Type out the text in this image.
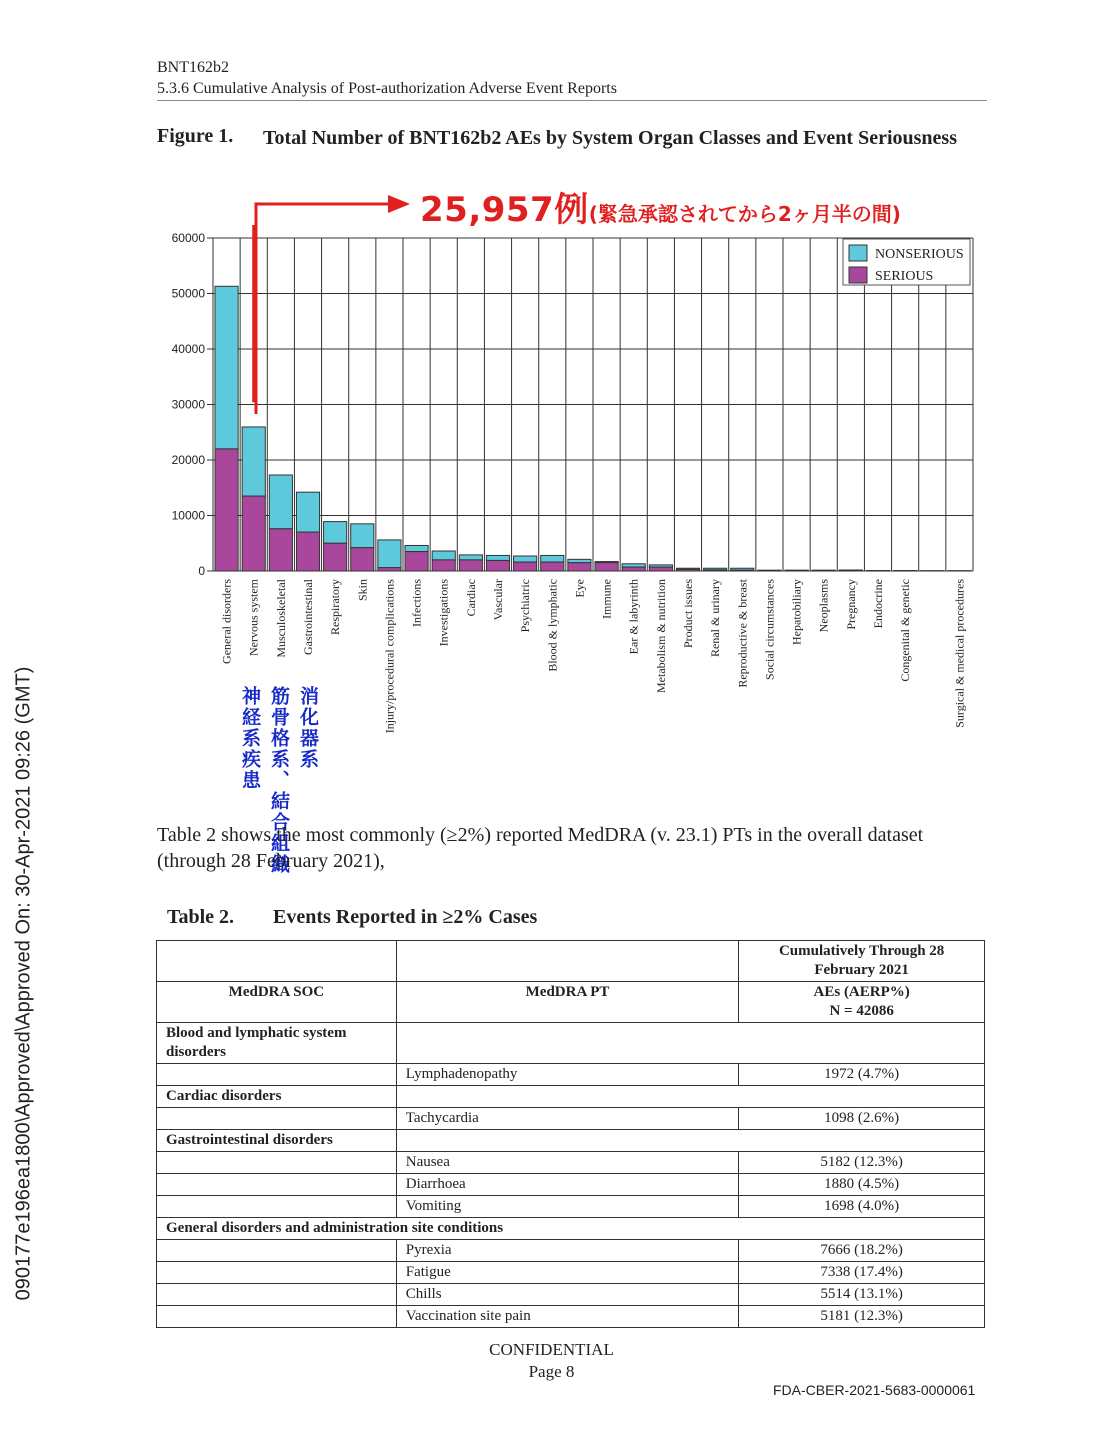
BNT162b2
5.3.6 Cumulative Analysis of Post-authorization Adverse Event Reports
Figure 1. Total Number of BNT162b2 AEs by System Organ Classes and Event Seriousness
25,957例(緊急承認されてから2ヶ月半の間)
60000
50000
40000
30000
20000
10000
0
General disorders Nervous system Musculoskeletal Gastrointestinal Respiratory Skin Injury/procedural complications Infections Investigations Cardiac Vascular Psychiatric Blood & lymphatic Eye Immune Ear & labyrinth Metabolism & nutrition Product issues Renal & urinary Reproductive & breast Social circumstances Hepatobiliary Neoplasms Pregnancy Endocrine Congenital & genetic	Surgical & medical procedures
NONSERIOUS
SERIOUS
神経系疾患 筋骨格系、結合組織 消化器系
Table 2 shows the most commonly (≥2%) reported MedDRA (v. 23.1) PTs in the overall dataset (through 28 February 2021),
Table 2. Events Reported in ≥2% Cases
		Cumulatively Through 28 February 2021

MedDRA SOC	MedDRA PT	AEs (AERP%)
N = 42086

Blood and lymphatic system disorders		
	Lymphadenopathy	1972 (4.7%)
Cardiac disorders		
	Tachycardia	1098 (2.6%)
Gastrointestinal disorders		
	Nausea	5182 (12.3%)
	Diarrhoea	1880 (4.5%)
	Vomiting	1698 (4.0%)
General disorders and administration site conditions		
	Pyrexia	7666 (18.2%)
	Fatigue	7338 (17.4%)
	Chills	5514 (13.1%)
	Vaccination site pain	5181 (12.3%)
CONFIDENTIAL
Page 8
FDA-CBER-2021-5683-0000061
090177e196ea1800\Approved\Approved On: 30-Apr-2021 09:26 (GMT)
